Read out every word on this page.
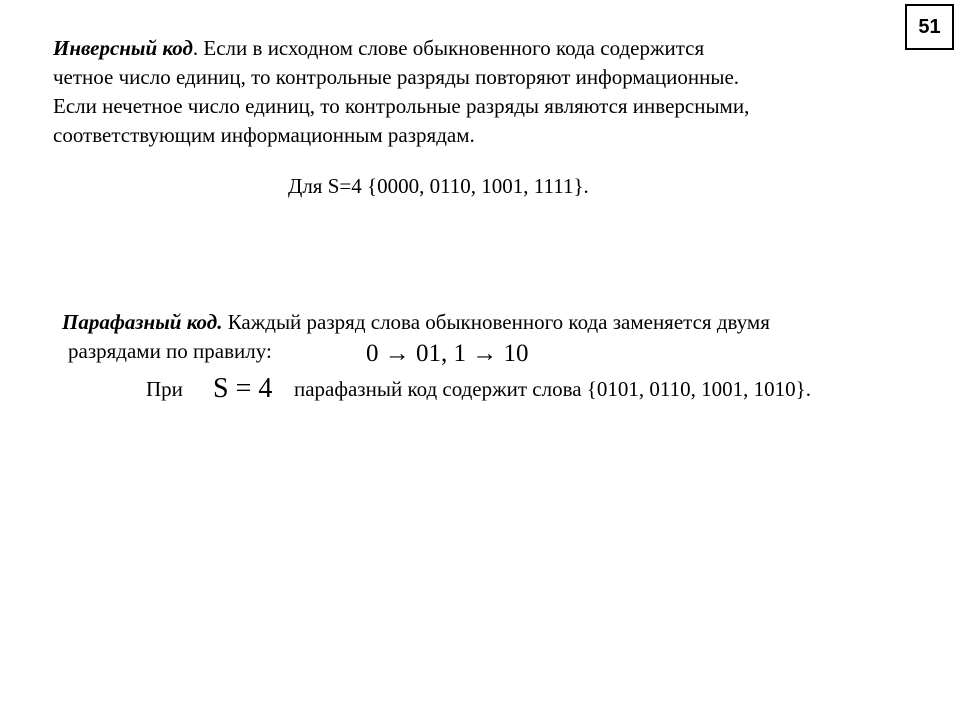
51
Инверсный код. Если в исходном слове обыкновенного кода содержится
четное число единиц, то контрольные разряды повторяют информационные.
Если нечетное число единиц, то контрольные разряды являются инверсными,
соответствующим информационным разрядам.
Для S=4 {0000, 0110, 1001, 1111}.
Парафазный код. Каждый разряд слова обыкновенного кода заменяется двумя
разрядами по правилу:	0 → 01, 1 → 10
При S = 4 парафазный код содержит слова {0101, 0110, 1001, 1010}.
